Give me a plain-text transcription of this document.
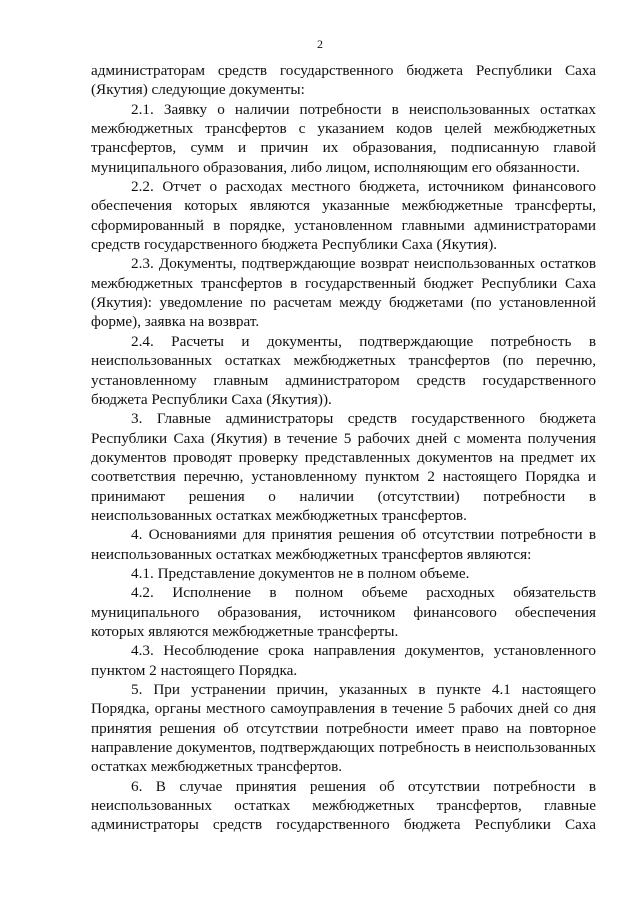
2

администраторам средств государственного бюджета Республики Саха (Якутия) следующие документы:

2.1. Заявку о наличии потребности в неиспользованных остатках межбюджетных трансфертов с указанием кодов целей межбюджетных трансфертов, сумм и причин их образования, подписанную главой муниципального образования, либо лицом, исполняющим его обязанности.

2.2. Отчет о расходах местного бюджета, источником финансового обеспечения которых являются указанные межбюджетные трансферты, сформированный в порядке, установленном главными администраторами средств государственного бюджета Республики Саха (Якутия).

2.3. Документы, подтверждающие возврат неиспользованных остатков межбюджетных трансфертов в государственный бюджет Республики Саха (Якутия): уведомление по расчетам между бюджетами (по установленной форме), заявка на возврат.

2.4. Расчеты и документы, подтверждающие потребность в неиспользованных остатках межбюджетных трансфертов (по перечню, установленному главным администратором средств государственного бюджета Республики Саха (Якутия)).

3. Главные администраторы средств государственного бюджета Республики Саха (Якутия) в течение 5 рабочих дней с момента получения документов проводят проверку представленных документов на предмет их соответствия перечню, установленному пунктом 2 настоящего Порядка и принимают решения о наличии (отсутствии) потребности в неиспользованных остатках межбюджетных трансфертов.

4. Основаниями для принятия решения об отсутствии потребности в неиспользованных остатках межбюджетных трансфертов являются:

4.1. Представление документов не в полном объеме.

4.2. Исполнение в полном объеме расходных обязательств муниципального образования, источником финансового обеспечения которых являются межбюджетные трансферты.

4.3. Несоблюдение срока направления документов, установленного пунктом 2 настоящего Порядка.

5. При устранении причин, указанных в пункте 4.1 настоящего Порядка, органы местного самоуправления в течение 5 рабочих дней со дня принятия решения об отсутствии потребности имеет право на повторное направление документов, подтверждающих потребность в неиспользованных остатках межбюджетных трансфертов.

6. В случае принятия решения об отсутствии потребности в неиспользованных остатках межбюджетных трансфертов, главные администраторы средств государственного бюджета Республики Саха
